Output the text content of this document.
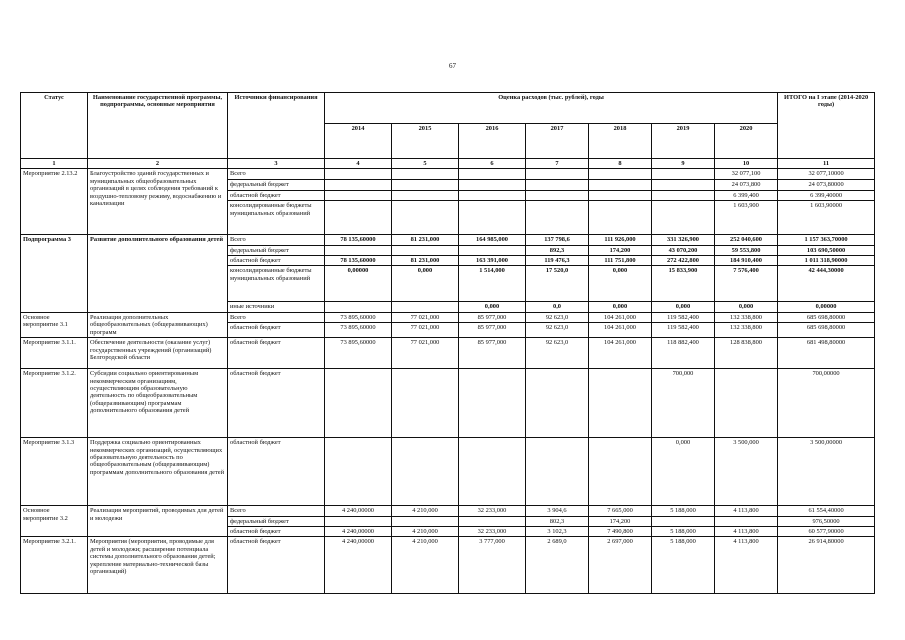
67
Статус	Наименование государственной программы, подпрограммы, основные мероприятия	Источники финансирования	Оценка расходов (тыс. рублей), годы							ИТОГО на I этапе (2014-2020 годы)
			2014	2015	2016	2017	2018	2019	2020	
1	2	3	4	5	6	7	8	9	10	11
Мероприятие 2.13.2	Благоустройство зданий государственных и муниципальных общеобразовательных организаций в целях соблюдения требований к воздушно-тепловому режиму, водоснабжению и канализации	Всего							32 077,100	32 077,10000
		федеральный бюджет							24 073,800	24 073,80000
		областной бюджет							6 399,400	6 399,40000
		консолидированные бюджеты муниципальных образований							1 603,900	1 603,90000
Подпрограмма 3	Развитие дополнительного образования детей	Всего	78 135,60000	81 231,000	164 985,000	137 798,6	111 926,000	331 326,900	252 040,600	1 157 363,70000
		федеральный бюджет				892,3	174,200	43 070,200	59 553,800	103 690,50000
		областной бюджет	78 135,60000	81 231,000	163 391,000	119 476,3	111 751,800	272 422,800	184 910,400	1 011 318,90000
		консолидированные бюджеты муниципальных образований	0,00000	0,000	1 514,000	17 520,0	0,000	15 833,900	7 576,400	42 444,30000
		иные источники			0,000	0,0	0,000	0,000	0,000	0,00000
Основное мероприятие 3.1	Реализация дополнительных общеобразовательных (общеразвивающих) программ	Всего	73 895,60000	77 021,000	85 977,000	92 623,0	104 261,000	119 582,400	132 338,800	685 698,80000
		областной бюджет	73 895,60000	77 021,000	85 977,000	92 623,0	104 261,000	119 582,400	132 338,800	685 698,80000
Мероприятие 3.1.1.	Обеспечение деятельности (оказание услуг) государственных учреждений (организаций) Белгородской области	областной бюджет	73 895,60000	77 021,000	85 977,000	92 623,0	104 261,000	118 882,400	128 838,800	681 498,80000
Мероприятие 3.1.2.	Субсидии социально ориентированным некоммерческим организациям, осуществляющим образовательную деятельность по общеобразовательным (общеразвивающим) программам дополнительного образования детей	областной бюджет						700,000		700,00000
Мероприятие 3.1.3	Поддержка социально ориентированных некоммерческих организаций, осуществляющих образовательную деятельность по общеобразовательным (общеразвивающим) программам дополнительного образования детей	областной бюджет						0,000	3 500,000	3 500,00000
Основное мероприятие 3.2	Реализация мероприятий, проводимых для детей и молодежи	Всего	4 240,00000	4 210,000	32 233,000	3 904,6	7 665,000	5 188,000	4 113,800	61 554,40000
		федеральный бюджет				802,3	174,200			976,50000
		областной бюджет	4 240,00000	4 210,000	32 233,000	3 102,3	7 490,800	5 188,000	4 113,800	60 577,90000
Мероприятие 3.2.1.	Мероприятия (мероприятия, проводимые для детей и молодежи; расширение потенциала системы дополнительного образования детей; укрепление материально-технической базы организаций)	областной бюджет	4 240,00000	4 210,000	3 777,000	2 689,0	2 697,000	5 188,000	4 113,800	26 914,80000
